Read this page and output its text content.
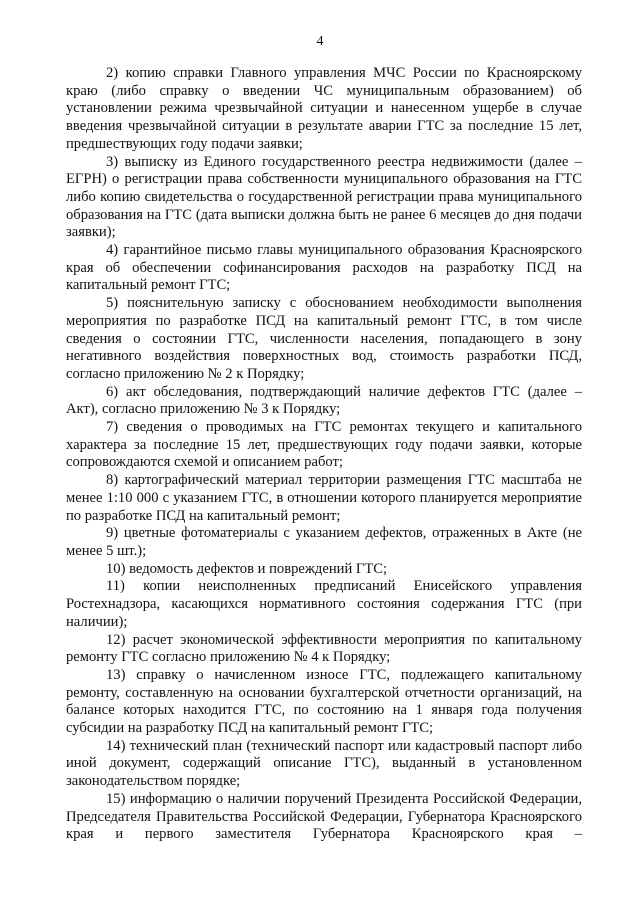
4

2) копию справки Главного управления МЧС России по Красноярскому краю (либо справку о введении ЧС муниципальным образованием) об установлении режима чрезвычайной ситуации и нанесенном ущербе в случае введения чрезвычайной ситуации в результате аварии ГТС за последние 15 лет, предшествующих году подачи заявки;

3) выписку из Единого государственного реестра недвижимости (далее – ЕГРН) о регистрации права собственности муниципального образования на ГТС либо копию свидетельства о государственной регистрации права муниципального образования на ГТС (дата выписки должна быть не ранее 6 месяцев до дня подачи заявки);

4) гарантийное письмо главы муниципального образования Красноярского края об обеспечении софинансирования расходов на разработку ПСД на капитальный ремонт ГТС;

5) пояснительную записку с обоснованием необходимости выполнения мероприятия по разработке ПСД на капитальный ремонт ГТС, в том числе сведения о состоянии ГТС, численности населения, попадающего в зону негативного воздействия поверхностных вод, стоимость разработки ПСД, согласно приложению № 2 к Порядку;

6) акт обследования, подтверждающий наличие дефектов ГТС (далее – Акт), согласно приложению № 3 к Порядку;

7) сведения о проводимых на ГТС ремонтах текущего и капитального характера за последние 15 лет, предшествующих году подачи заявки, которые сопровождаются схемой и описанием работ;

8) картографический материал территории размещения ГТС масштаба не менее 1:10 000 с указанием ГТС, в отношении которого планируется мероприятие по разработке ПСД на капитальный ремонт;

9) цветные фотоматериалы с указанием дефектов, отраженных в Акте (не менее 5 шт.);

10) ведомость дефектов и повреждений ГТС;

11) копии неисполненных предписаний Енисейского управления Ростехнадзора, касающихся нормативного состояния содержания ГТС (при наличии);

12) расчет экономической эффективности мероприятия по капитальному ремонту ГТС согласно приложению № 4 к Порядку;

13) справку о начисленном износе ГТС, подлежащего капитальному ремонту, составленную на основании бухгалтерской отчетности организаций, на балансе которых находится ГТС, по состоянию на 1 января года получения субсидии на разработку ПСД на капитальный ремонт ГТС;

14) технический план (технический паспорт или кадастровый паспорт либо иной документ, содержащий описание ГТС), выданный в установленном законодательством порядке;

15) информацию о наличии поручений Президента Российской Федерации, Председателя Правительства Российской Федерации, Губернатора Красноярского края и первого заместителя Губернатора Красноярского края –
